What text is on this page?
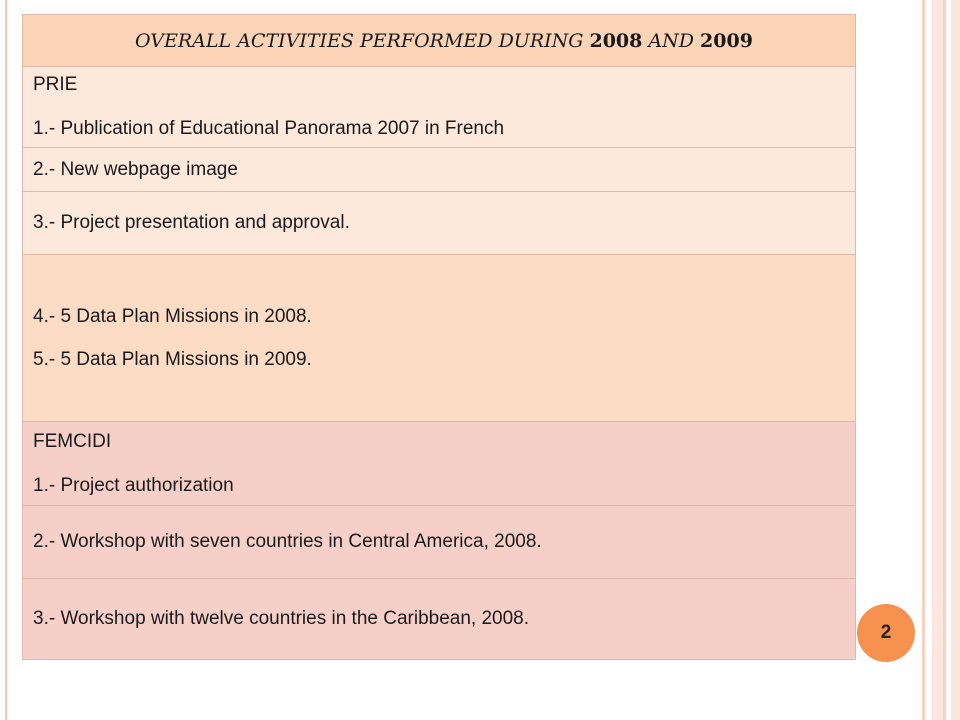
OVERALL ACTIVITIES PERFORMED DURING 2008 AND 2009

PRIE
1.- Publication of Educational Panorama 2007 in French

2.- New webpage image

3.- Project presentation and approval.

4.- 5 Data Plan Missions in 2008.
5.- 5 Data Plan Missions in 2009.

FEMCIDI
1.- Project authorization

2.- Workshop with seven countries in Central America, 2008.

3.- Workshop with twelve countries in the Caribbean, 2008.
2
